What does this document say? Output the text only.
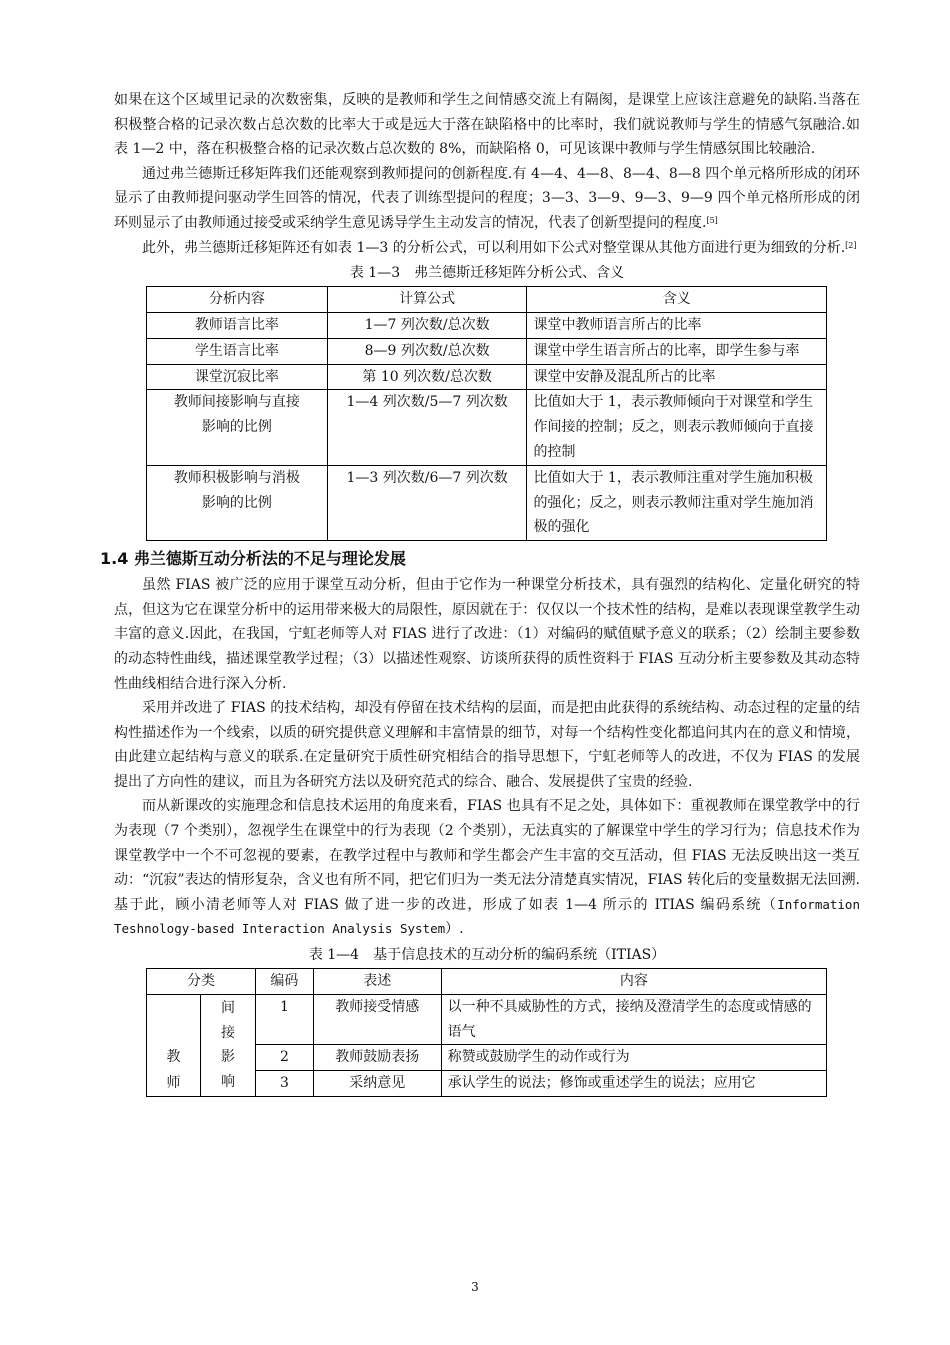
如果在这个区域里记录的次数密集，反映的是教师和学生之间情感交流上有隔阂，是课堂上应该注意避免的缺陷.当落在积极整合格的记录次数占总次数的比率大于或是远大于落在缺陷格中的比率时，我们就说教师与学生的情感气氛融洽.如表 1—2 中，落在积极整合格的记录次数占总次数的 8%，而缺陷格 0，可见该课中教师与学生情感氛围比较融洽.

通过弗兰德斯迁移矩阵我们还能观察到教师提问的创新程度.有 4—4、4—8、8—4、8—8 四个单元格所形成的闭环显示了由教师提问驱动学生回答的情况，代表了训练型提问的程度；3—3、3—9、9—3、9—9 四个单元格所形成的闭环则显示了由教师通过接受或采纳学生意见诱导学生主动发言的情况，代表了创新型提问的程度.[5]

此外，弗兰德斯迁移矩阵还有如表 1—3 的分析公式，可以利用如下公式对整堂课从其他方面进行更为细致的分析.[2]

表 1—3　弗兰德斯迁移矩阵分析公式、含义
分析内容	计算公式	含义
教师语言比率	1—7 列次数/总次数	课堂中教师语言所占的比率
学生语言比率	8—9 列次数/总次数	课堂中学生语言所占的比率，即学生参与率
课堂沉寂比率	第 10 列次数/总次数	课堂中安静及混乱所占的比率
教师间接影响与直接影响的比例	1—4 列次数/5—7 列次数	比值如大于 1，表示教师倾向于对课堂和学生作间接的控制；反之，则表示教师倾向于直接的控制
教师积极影响与消极影响的比例	1—3 列次数/6—7 列次数	比值如大于 1，表示教师注重对学生施加积极的强化；反之，则表示教师注重对学生施加消极的强化
1.4 弗兰德斯互动分析法的不足与理论发展

虽然 FIAS 被广泛的应用于课堂互动分析，但由于它作为一种课堂分析技术，具有强烈的结构化、定量化研究的特点，但这为它在课堂分析中的运用带来极大的局限性，原因就在于：仅仅以一个技术性的结构，是难以表现课堂教学生动丰富的意义.因此，在我国，宁虹老师等人对 FIAS 进行了改进：（1）对编码的赋值赋予意义的联系；（2）绘制主要参数的动态特性曲线，描述课堂教学过程；（3）以描述性观察、访谈所获得的质性资料于 FIAS 互动分析主要参数及其动态特性曲线相结合进行深入分析.

采用并改进了 FIAS 的技术结构，却没有停留在技术结构的层面，而是把由此获得的系统结构、动态过程的定量的结构性描述作为一个线索，以质的研究提供意义理解和丰富情景的细节，对每一个结构性变化都追问其内在的意义和情境，由此建立起结构与意义的联系.在定量研究于质性研究相结合的指导思想下，宁虹老师等人的改进，不仅为 FIAS 的发展提出了方向性的建议，而且为各研究方法以及研究范式的综合、融合、发展提供了宝贵的经验.

而从新课改的实施理念和信息技术运用的角度来看，FIAS 也具有不足之处，具体如下：重视教师在课堂教学中的行为表现（7 个类别），忽视学生在课堂中的行为表现（2 个类别），无法真实的了解课堂中学生的学习行为；信息技术作为课堂教学中一个不可忽视的要素，在教学过程中与教师和学生都会产生丰富的交互活动，但 FIAS 无法反映出这一类互动：“沉寂”表达的情形复杂，含义也有所不同，把它们归为一类无法分清楚真实情况，FIAS 转化后的变量数据无法回溯.基于此，顾小清老师等人对 FIAS 做了进一步的改进，形成了如表 1—4 所示的 ITIAS 编码系统（Information Teshnology-based Interaction Analysis System）.

表 1—4　基于信息技术的互动分析的编码系统（ITIAS）
分类		编码	表述	内容
教师	间接影响	1	教师接受情感	以一种不具威胁性的方式，接纳及澄清学生的态度或情感的语气
		2	教师鼓励表扬	称赞或鼓励学生的动作或行为
		3	采纳意见	承认学生的说法；修饰或重述学生的说法；应用它
3
